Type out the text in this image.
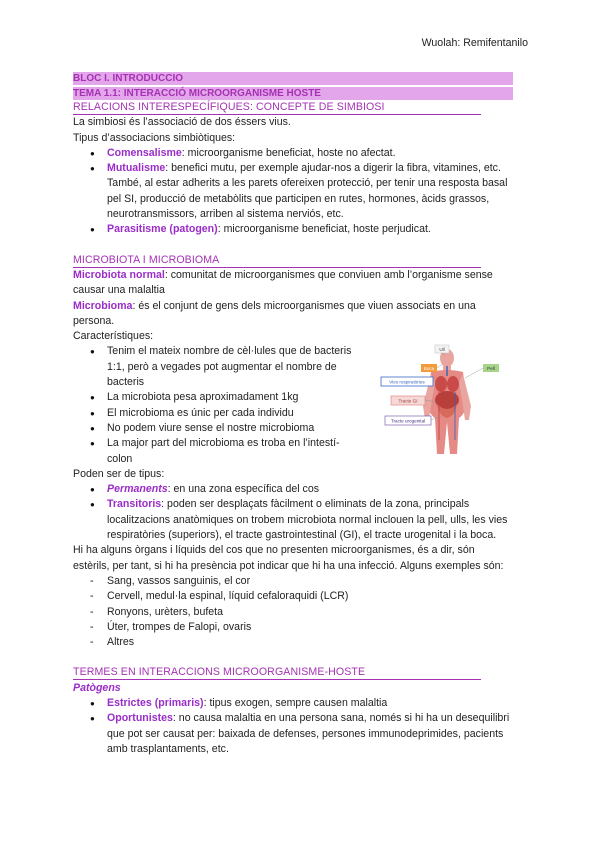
Wuolah: Remifentanilo
BLOC I. INTRODUCCIO
TEMA 1.1: INTERACCIÓ MICROORGANISME HOSTE
RELACIONS INTERESPECÍFIQUES: CONCEPTE DE SIMBIOSI
La simbiosi és l’associació de dos éssers vius.
Tipus d’associacions simbiòtiques:
● Comensalisme: microorganisme beneficiat, hoste no afectat.
● Mutualisme: benefici mutu, per exemple ajudar-nos a digerir la fibra, vitamines, etc. També, al estar adherits a les parets ofereixen protecció, per tenir una resposta basal pel SI, producció de metabòlits que participen en rutes, hormones, àcids grassos, neurotransmissors, arriben al sistema nerviós, etc.
● Parasitisme (patogen): microorganisme beneficiat, hoste perjudicat.
MICROBIOTA I MICROBIOMA
Microbiota normal: comunitat de microorganismes que conviuen amb l’organisme sense causar una malaltia
Microbioma: és el conjunt de gens dels microorganismes que viuen associats en una persona.
Característiques:
● Tenim el mateix nombre de cèl·lules que de bacteris 1:1, però a vegades pot augmentar el nombre de bacteris
● La microbiota pesa aproximadament 1kg
● El microbioma es únic per cada individu
● No podem viure sense el nostre microbioma
● La major part del microbioma es troba en l’intestí-colon
Ull
Boca	Pell
Vies respiratòries
Tracte GI
Tracte urogenital
Poden ser de tipus:
● Permanents: en una zona específica del cos
● Transitoris: poden ser desplaçats fàcilment o eliminats de la zona, principals localitzacions anatòmiques on trobem microbiota normal inclouen la pell, ulls, les vies respiratòries (superiors), el tracte gastrointestinal (GI), el tracte urogenital i la boca.
Hi ha alguns òrgans i líquids del cos que no presenten microorganismes, és a dir, són estèrils, per tant, si hi ha presència pot indicar que hi ha una infecció. Alguns exemples són:
- Sang, vassos sanguinis, el cor
- Cervell, medul·la espinal, líquid cefaloraquidi (LCR)
- Ronyons, urèters, bufeta
- Úter, trompes de Falopi, ovaris
- Altres
TERMES EN INTERACCIONS MICROORGANISME-HOSTE
Patògens
● Estrictes (primaris): tipus exogen, sempre causen malaltia
● Oportunistes: no causa malaltia en una persona sana, només si hi ha un desequilibri que pot ser causat per: baixada de defenses, persones immunodeprimides, pacients amb trasplantaments, etc.
